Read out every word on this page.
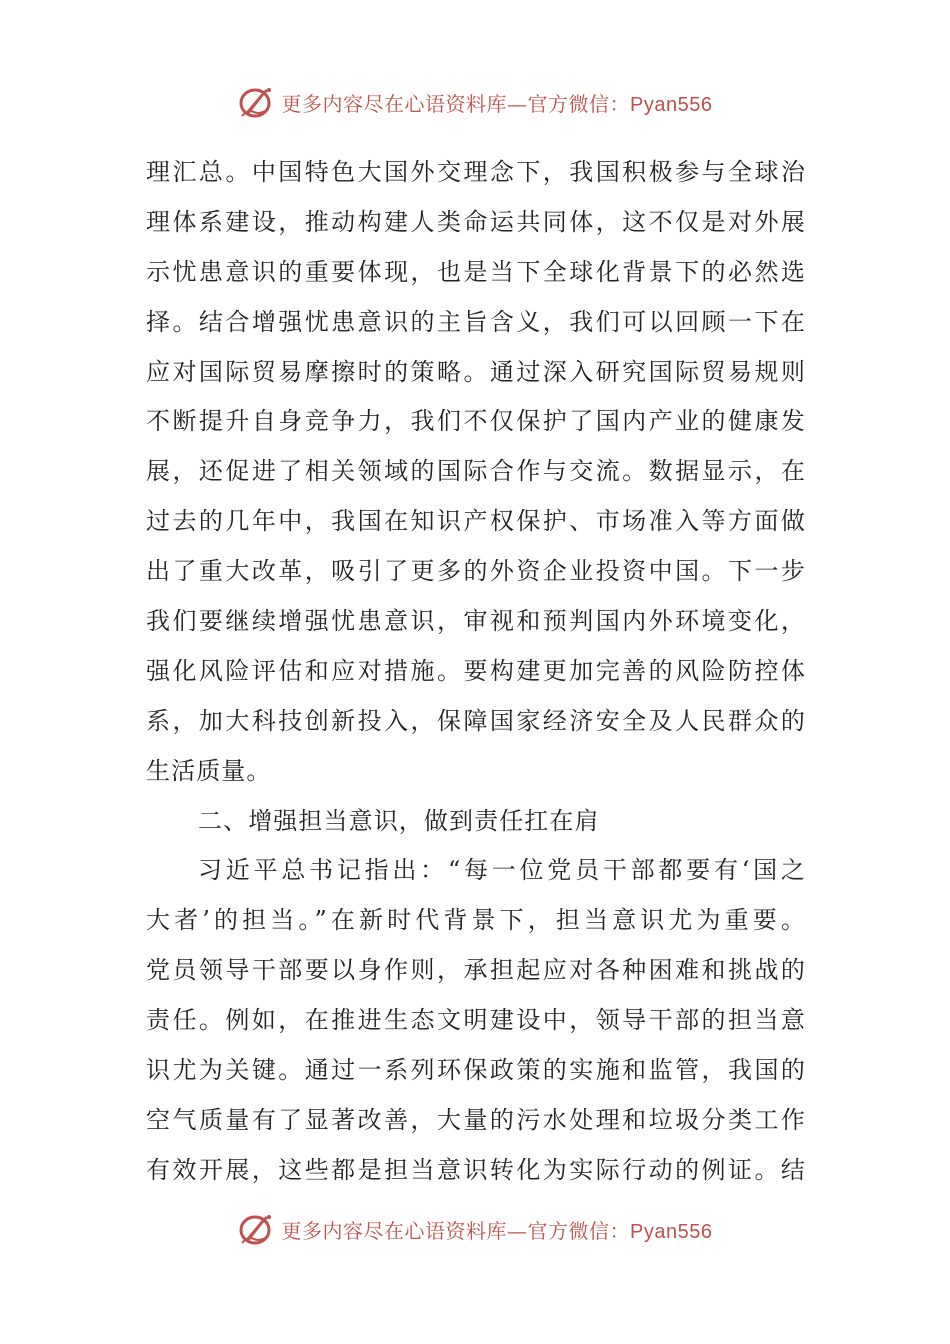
更多内容尽在心语资料库—官方微信：Pyan556
理汇总。中国特色大国外交理念下，我国积极参与全球治
理体系建设，推动构建人类命运共同体，这不仅是对外展
示忧患意识的重要体现，也是当下全球化背景下的必然选
择。结合增强忧患意识的主旨含义，我们可以回顾一下在
应对国际贸易摩擦时的策略。通过深入研究国际贸易规则
不断提升自身竞争力，我们不仅保护了国内产业的健康发
展，还促进了相关领域的国际合作与交流。数据显示，在
过去的几年中，我国在知识产权保护、市场准入等方面做
出了重大改革，吸引了更多的外资企业投资中国。下一步
我们要继续增强忧患意识，审视和预判国内外环境变化，
强化风险评估和应对措施。要构建更加完善的风险防控体
系，加大科技创新投入，保障国家经济安全及人民群众的
生活质量。
二、增强担当意识，做到责任扛在肩
习近平总书记指出：“每一位党员干部都要有‘国之
大者’的担当。”在新时代背景下，担当意识尤为重要。
党员领导干部要以身作则，承担起应对各种困难和挑战的
责任。例如，在推进生态文明建设中，领导干部的担当意
识尤为关键。通过一系列环保政策的实施和监管，我国的
空气质量有了显著改善，大量的污水处理和垃圾分类工作
有效开展，这些都是担当意识转化为实际行动的例证。结
更多内容尽在心语资料库—官方微信：Pyan556
